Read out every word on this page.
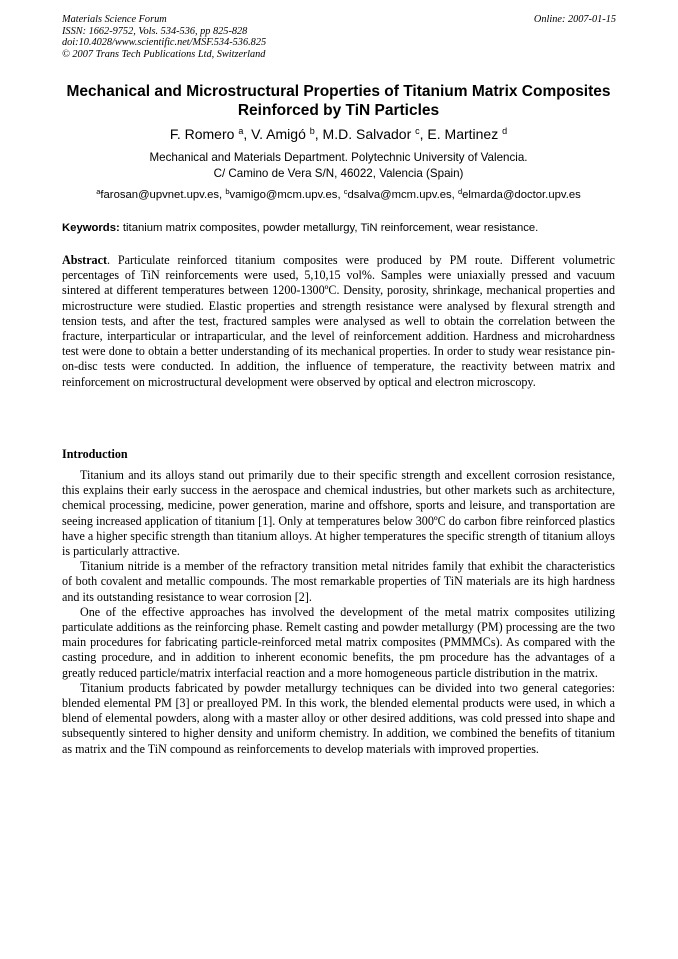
Materials Science Forum
ISSN: 1662-9752, Vols. 534-536, pp 825-828
doi:10.4028/www.scientific.net/MSF.534-536.825
© 2007 Trans Tech Publications Ltd, Switzerland
Online: 2007-01-15
Mechanical and Microstructural Properties of Titanium Matrix Composites Reinforced by TiN Particles
F. Romero $^a$, V. Amigó $^b$, M.D. Salvador $^c$, E. Martinez $^d$
Mechanical and Materials Department. Polytechnic University of Valencia.
C/ Camino de Vera S/N, 46022, Valencia (Spain)
$^a$farosan@upvnet.upv.es, $^b$vamigo@mcm.upv.es, $^c$dsalva@mcm.upv.es, $^d$elmarda@doctor.upv.es
Keywords: titanium matrix composites, powder metallurgy, TiN reinforcement, wear resistance.
Abstract. Particulate reinforced titanium composites were produced by PM route. Different volumetric percentages of TiN reinforcements were used, 5,10,15 vol%. Samples were uniaxially pressed and vacuum sintered at different temperatures between 1200-1300ºC. Density, porosity, shrinkage, mechanical properties and microstructure were studied. Elastic properties and strength resistance were analysed by flexural strength and tension tests, and after the test, fractured samples were analysed as well to obtain the correlation between the fracture, interparticular or intraparticular, and the level of reinforcement addition. Hardness and microhardness test were done to obtain a better understanding of its mechanical properties. In order to study wear resistance pin-on-disc tests were conducted. In addition, the influence of temperature, the reactivity between matrix and reinforcement on microstructural development were observed by optical and electron microscopy.
Introduction

Titanium and its alloys stand out primarily due to their specific strength and excellent corrosion resistance, this explains their early success in the aerospace and chemical industries, but other markets such as architecture, chemical processing, medicine, power generation, marine and offshore, sports and leisure, and transportation are seeing increased application of titanium [1]. Only at temperatures below 300ºC do carbon fibre reinforced plastics have a higher specific strength than titanium alloys. At higher temperatures the specific strength of titanium alloys is particularly attractive.

Titanium nitride is a member of the refractory transition metal nitrides family that exhibit the characteristics of both covalent and metallic compounds. The most remarkable properties of TiN materials are its high hardness and its outstanding resistance to wear corrosion [2].

One of the effective approaches has involved the development of the metal matrix composites utilizing particulate additions as the reinforcing phase. Remelt casting and powder metallurgy (PM) processing are the two main procedures for fabricating particle-reinforced metal matrix composites (PMMMCs). As compared with the casting procedure, and in addition to inherent economic benefits, the pm procedure has the advantages of a greatly reduced particle/matrix interfacial reaction and a more homogeneous particle distribution in the matrix.

Titanium products fabricated by powder metallurgy techniques can be divided into two general categories: blended elemental PM [3] or prealloyed PM. In this work, the blended elemental products were used, in which a blend of elemental powders, along with a master alloy or other desired additions, was cold pressed into shape and subsequently sintered to higher density and uniform chemistry. In addition, we combined the benefits of titanium as matrix and the TiN compound as reinforcements to develop materials with improved properties.
